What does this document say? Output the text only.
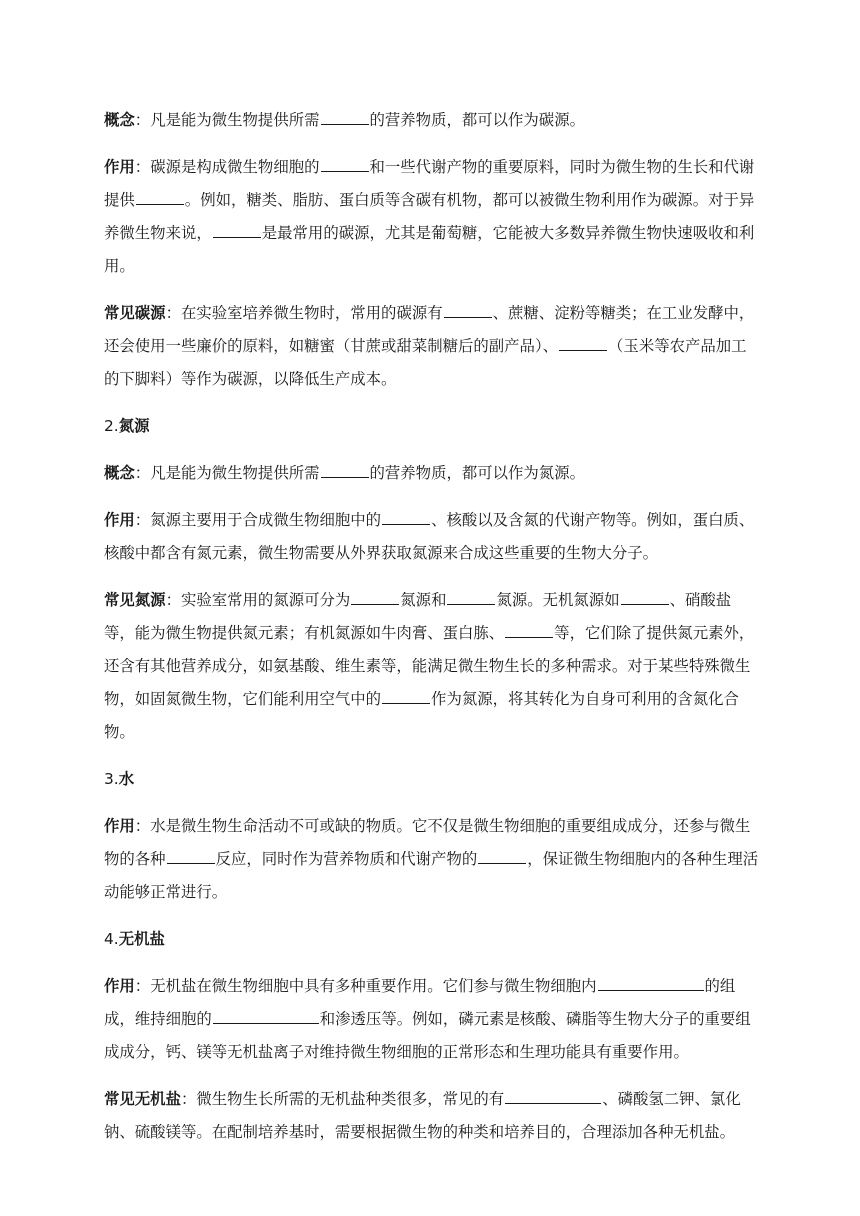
概念：凡是能为微生物提供所需	的营养物质，都可以作为碳源。

作用：碳源是构成微生物细胞的	和一些代谢产物的重要原料，同时为微生物的生长和代谢提供	。例如，糖类、脂肪、蛋白质等含碳有机物，都可以被微生物利用作为碳源。对于异养微生物来说，	是最常用的碳源，尤其是葡萄糖，它能被大多数异养微生物快速吸收和利用。

常见碳源：在实验室培养微生物时，常用的碳源有	、蔗糖、淀粉等糖类；在工业发酵中，还会使用一些廉价的原料，如糖蜜（甘蔗或甜菜制糖后的副产品）、	（玉米等农产品加工的下脚料）等作为碳源，以降低生产成本。

2.氮源

概念：凡是能为微生物提供所需	的营养物质，都可以作为氮源。

作用：氮源主要用于合成微生物细胞中的	、核酸以及含氮的代谢产物等。例如，蛋白质、核酸中都含有氮元素，微生物需要从外界获取氮源来合成这些重要的生物大分子。

常见氮源：实验室常用的氮源可分为	氮源和	氮源。无机氮源如	、硝酸盐等，能为微生物提供氮元素；有机氮源如牛肉膏、蛋白胨、	等，它们除了提供氮元素外，还含有其他营养成分，如氨基酸、维生素等，能满足微生物生长的多种需求。对于某些特殊微生物，如固氮微生物，它们能利用空气中的	作为氮源，将其转化为自身可利用的含氮化合物。

3.水

作用：水是微生物生命活动不可或缺的物质。它不仅是微生物细胞的重要组成成分，还参与微生物的各种	反应，同时作为营养物质和代谢产物的	，保证微生物细胞内的各种生理活动能够正常进行。

4.无机盐

作用：无机盐在微生物细胞中具有多种重要作用。它们参与微生物细胞内	的组成，维持细胞的	和渗透压等。例如，磷元素是核酸、磷脂等生物大分子的重要组成成分，钙、镁等无机盐离子对维持微生物细胞的正常形态和生理功能具有重要作用。

常见无机盐：微生物生长所需的无机盐种类很多，常见的有	、磷酸氢二钾、氯化钠、硫酸镁等。在配制培养基时，需要根据微生物的种类和培养目的，合理添加各种无机盐。
